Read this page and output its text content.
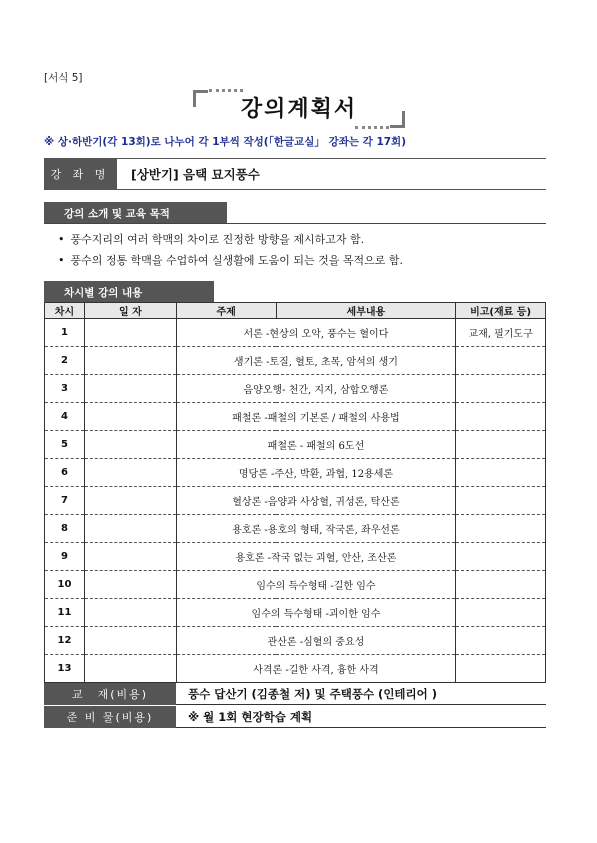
[서식 5]
강의계획서
※ 상·하반기(각 13회)로 나누어 각 1부씩 작성(「한글교실」 강좌는 각 17회)
강 좌 명	[상반기] 음택 묘지풍수
강의 소개 및 교육 목적
• 풍수지리의 여러 학맥의 차이로 진정한 방향을 제시하고자 함.
• 풍수의 정통 학맥을 수업하여 실생활에 도움이 되는 것을 목적으로 함.
차시별 강의 내용
차시	일 자	주제	세부내용	비고(재료 등)
1		서론 -현상의 오악, 풍수는 혈이다		교재, 필기도구
2		생기론 -토질, 혈토, 초목, 암석의 생기		
3		음양오행- 천간, 지지, 삼합오행론		
4		패철론 -패철의 기본론 / 패철의 사용법		
5		패철론 - 패철의 6도선		
6		명당론 -주산, 박환, 과협, 12용세론		
7		혈상론 -음양과 사상혈, 귀성론, 탁산론		
8		용호론 -용호의 형태, 작국론, 좌우선론		
9		용호론 -작국 없는 괴혈, 안산, 조산론		
10		임수의 득수형태 -길한 임수		
11		임수의 득수형태 -괴이한 임수		
12		관산론 -심혈의 중요성		
13		사격론 -길한 사격, 흉한 사격		
교　재(비용)	풍수 답산기 (김종철 저) 및 주택풍수 (인테리어 )
준 비 물(비용)	※ 월 1회 현장학습 계획
